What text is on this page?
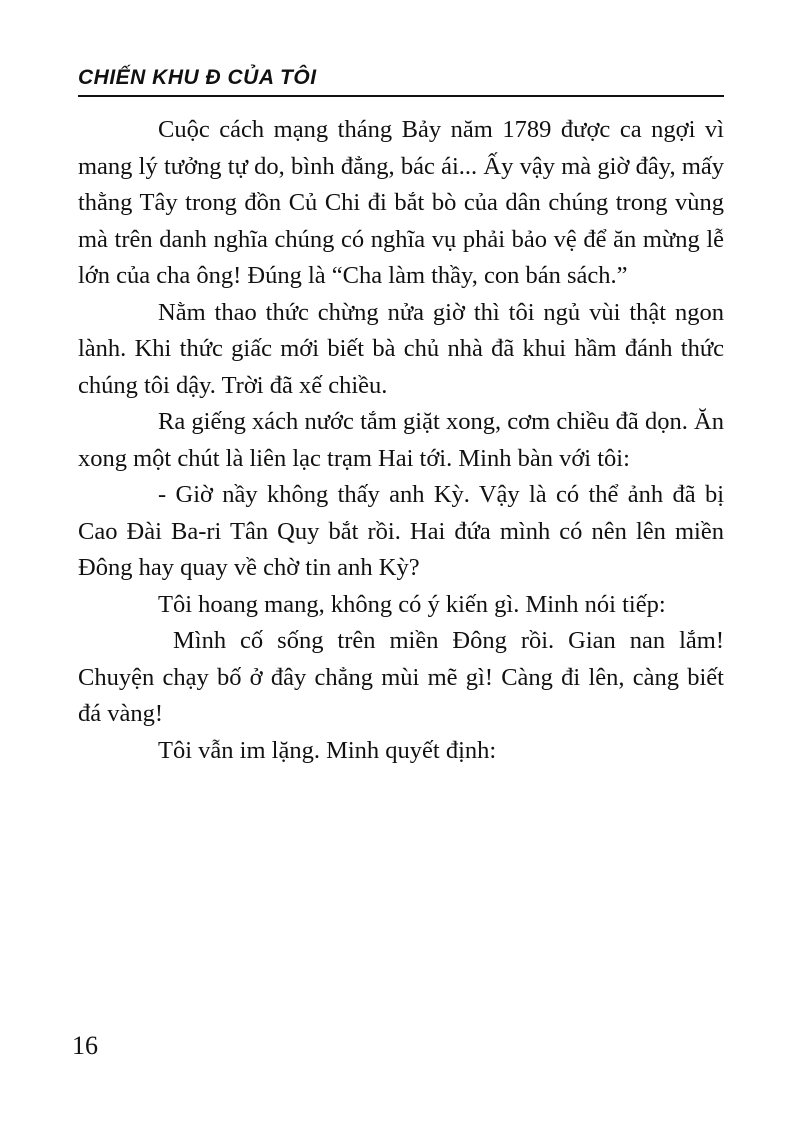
CHIẾN KHU Đ CỦA TÔI

Cuộc cách mạng tháng Bảy năm 1789 được ca ngợi vì mang lý tưởng tự do, bình đẳng, bác ái... Ấy vậy mà giờ đây, mấy thằng Tây trong đồn Củ Chi đi bắt bò của dân chúng trong vùng mà trên danh nghĩa chúng có nghĩa vụ phải bảo vệ để ăn mừng lễ lớn của cha ông! Đúng là “Cha làm thầy, con bán sách.”

Nằm thao thức chừng nửa giờ thì tôi ngủ vùi thật ngon lành. Khi thức giấc mới biết bà chủ nhà đã khui hầm đánh thức chúng tôi dậy. Trời đã xế chiều.

Ra giếng xách nước tắm giặt xong, cơm chiều đã dọn. Ăn xong một chút là liên lạc trạm Hai tới. Minh bàn với tôi:

- Giờ nầy không thấy anh Kỳ. Vậy là có thể ảnh đã bị Cao Đài Ba-ri Tân Quy bắt rồi. Hai đứa mình có nên lên miền Đông hay quay về chờ tin anh Kỳ?

Tôi hoang mang, không có ý kiến gì. Minh nói tiếp:

Mình cố sống trên miền Đông rồi. Gian nan lắm! Chuyện chạy bố ở đây chẳng mùi mẽ gì! Càng đi lên, càng biết đá vàng!

Tôi vẫn im lặng. Minh quyết định:

16
